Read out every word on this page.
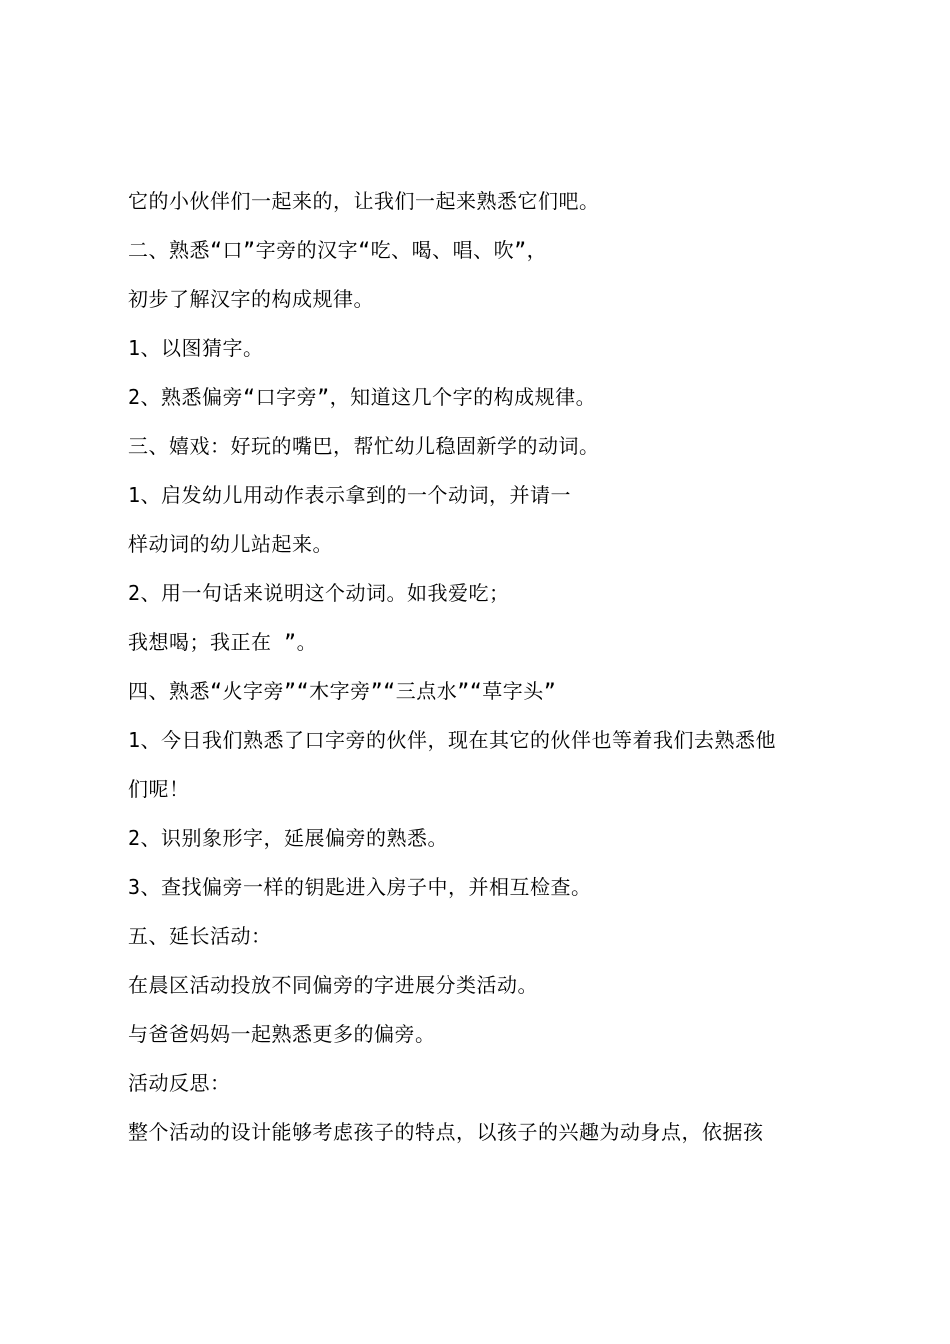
它的小伙伴们一起来的，让我们一起来熟悉它们吧。
二、熟悉“口”字旁的汉字“吃、喝、唱、吹”，
初步了解汉字的构成规律。
1、以图猜字。
2、熟悉偏旁“口字旁”，知道这几个字的构成规律。
三、嬉戏：好玩的嘴巴，帮忙幼儿稳固新学的动词。
1、启发幼儿用动作表示拿到的一个动词，并请一
样动词的幼儿站起来。
2、用一句话来说明这个动词。如我爱吃；
我想喝；我正在 ”。
四、熟悉“火字旁”“木字旁”“三点水”“草字头”
1、今日我们熟悉了口字旁的伙伴，现在其它的伙伴也等着我们去熟悉他
们呢！
2、识别象形字，延展偏旁的熟悉。
3、查找偏旁一样的钥匙进入房子中，并相互检查。
五、延长活动：
在晨区活动投放不同偏旁的字进展分类活动。
与爸爸妈妈一起熟悉更多的偏旁。
活动反思：
整个活动的设计能够考虑孩子的特点，以孩子的兴趣为动身点，依据孩
